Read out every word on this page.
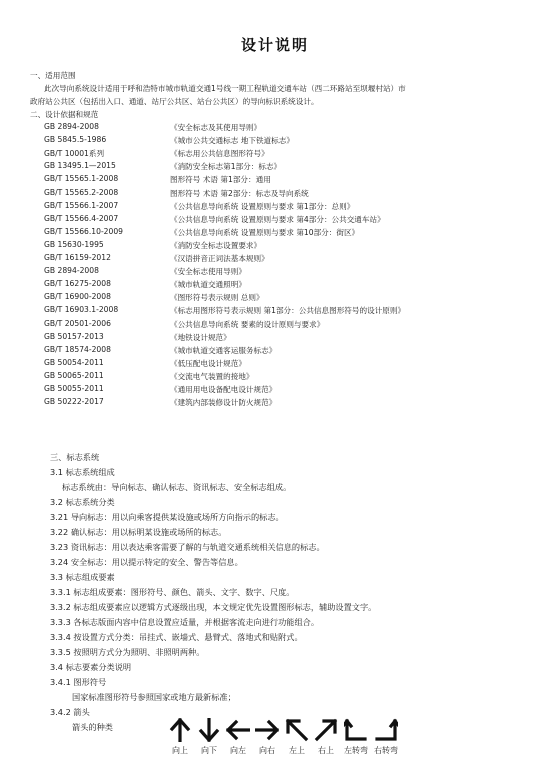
设计说明
一、适用范围
此次导向系统设计适用于呼和浩特市城市轨道交通1号线一期工程轨道交通车站（西二环路站至坝堰村站）市
政府站公共区（包括出入口、通道、站厅公共区、站台公共区）的导向标识系统设计。
二、设计依据和规范
GB 2894-2008	《安全标志及其使用导则》
GB 5845.5-1986	《城市公共交通标志 地下铁道标志》
GB/T 10001系列	《标志用公共信息图形符号》
GB 13495.1—2015	《消防安全标志第1部分：标志》
GB/T 15565.1-2008	图形符号 术语 第1部分：通用
GB/T 15565.2-2008	图形符号 术语 第2部分：标志及导向系统
GB/T 15566.1-2007	《公共信息导向系统 设置原则与要求 第1部分：总则》
GB/T 15566.4-2007	《公共信息导向系统 设置原则与要求 第4部分：公共交通车站》
GB/T 15566.10-2009	《公共信息导向系统 设置原则与要求 第10部分：街区》
GB 15630-1995	《消防安全标志设置要求》
GB/T 16159-2012	《汉语拼音正词法基本规则》
GB 2894-2008	《安全标志使用导则》
GB/T 16275-2008	《城市轨道交通照明》
GB/T 16900-2008	《图形符号表示规则 总则》
GB/T 16903.1-2008	《标志用图形符号表示规则 第1部分：公共信息图形符号的设计原则》
GB/T 20501-2006	《公共信息导向系统 要素的设计原则与要求》
GB 50157-2013	《地铁设计规范》
GB/T 18574-2008	《城市轨道交通客运服务标志》
GB 50054-2011	《低压配电设计规范》
GB 50065-2011	《交流电气装置的接地》
GB 50055-2011	《通用用电设备配电设计规范》
GB 50222-2017	《建筑内部装修设计防火规范》
三、标志系统
3.1 标志系统组成
标志系统由：导向标志、确认标志、资讯标志、安全标志组成。
3.2 标志系统分类
3.21 导向标志：用以向乘客提供某设施或场所方向指示的标志。
3.22 确认标志：用以标明某设施或场所的标志。
3.23 资讯标志：用以表达乘客需要了解的与轨道交通系统相关信息的标志。
3.24 安全标志：用以提示特定的安全、警告等信息。
3.3 标志组成要素
3.3.1 标志组成要素：图形符号、颜色、箭头、文字、数字、尺度。
3.3.2 标志组成要素应以逻辑方式逐级出现，本文规定优先设置图形标志，辅助设置文字。
3.3.3 各标志版面内容中信息设置应适量，并根据客流走向进行功能组合。
3.3.4 按设置方式分类：吊挂式、嵌墙式、悬臂式、落地式和贴附式。
3.3.5 按照明方式分为照明、非照明两种。
3.4 标志要素分类说明
3.4.1 图形符号
国家标准图形符号参照国家或地方最新标准；
3.4.2 箭头
箭头的种类
向上	向下	向左	向右	左上	右上	左转弯 右转弯
